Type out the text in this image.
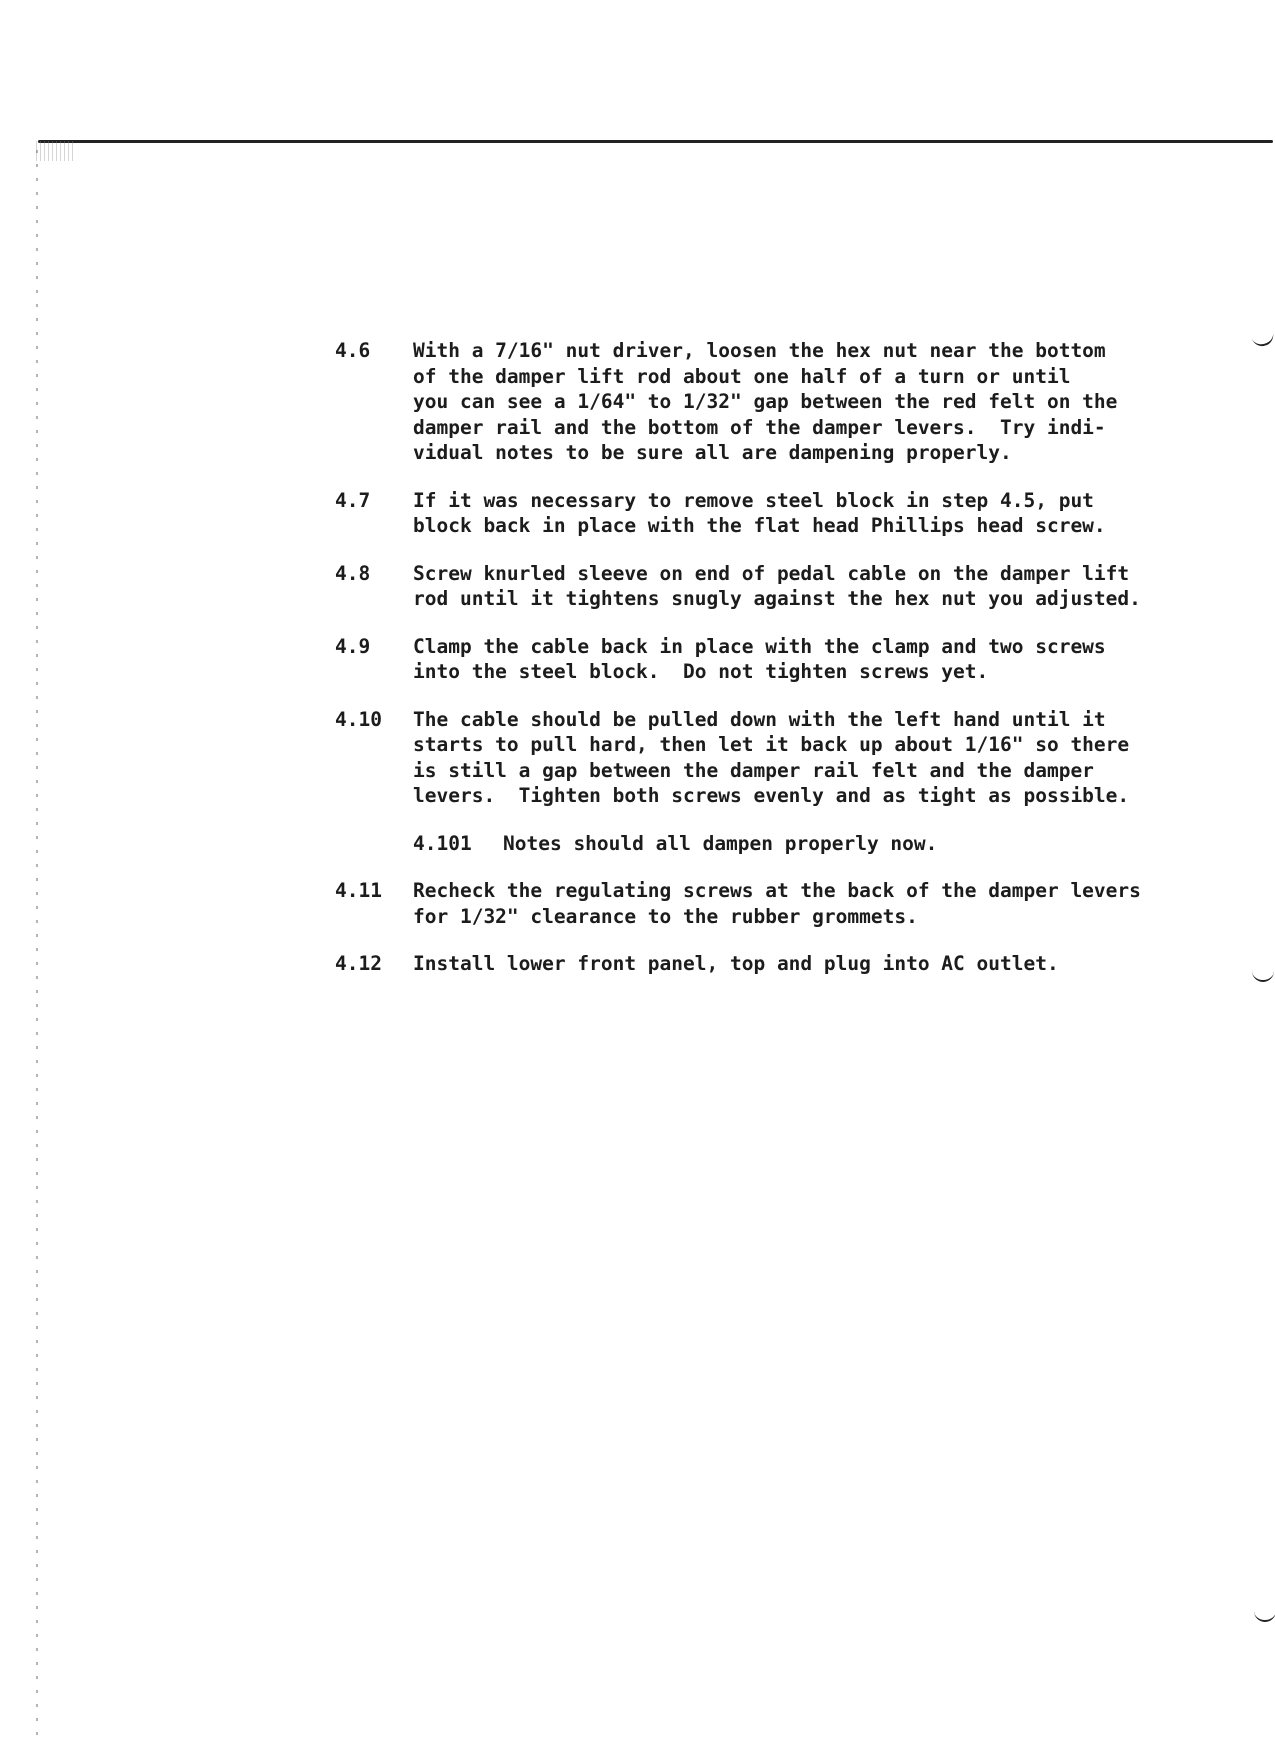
4.6	With a 7/16" nut driver, loosen the hex nut near the bottom
of the damper lift rod about one half of a turn or until
you can see a 1/64" to 1/32" gap between the red felt on the
damper rail and the bottom of the damper levers.  Try indi-
vidual notes to be sure all are dampening properly.
4.7	If it was necessary to remove steel block in step 4.5, put
block back in place with the flat head Phillips head screw.
4.8	Screw knurled sleeve on end of pedal cable on the damper lift
rod until it tightens snugly against the hex nut you adjusted.
4.9	Clamp the cable back in place with the clamp and two screws
into the steel block.  Do not tighten screws yet.
4.10	The cable should be pulled down with the left hand until it
starts to pull hard, then let it back up about 1/16" so there
is still a gap between the damper rail felt and the damper
levers.  Tighten both screws evenly and as tight as possible.
4.101	Notes should all dampen properly now.
4.11	Recheck the regulating screws at the back of the damper levers
for 1/32" clearance to the rubber grommets.
4.12	Install lower front panel, top and plug into AC outlet.
